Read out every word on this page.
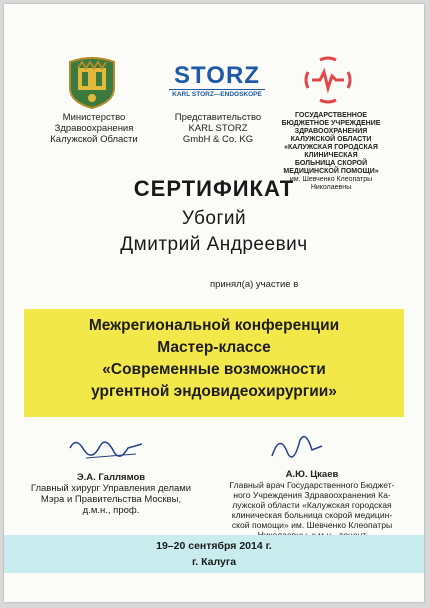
Министерство
Здравоохранения
Калужской Области
STORZ
KARL STORZ—ENDOSKOPE
Представительство
KARL STORZ
GmbH & Co. KG
ГОСУДАРСТВЕННОЕ
БЮДЖЕТНОЕ УЧРЕЖДЕНИЕ ЗДРАВООХРАНЕНИЯ
КАЛУЖСКОЙ ОБЛАСТИ
«КАЛУЖСКАЯ ГОРОДСКАЯ КЛИНИЧЕСКАЯ
БОЛЬНИЦА СКОРОЙ
МЕДИЦИНСКОЙ ПОМОЩИ»
им. Шевченко Клеопатры
Николаевны
СЕРТИФИКАТ
Убогий
Дмитрий Андреевич
принял(а) участие в
Межрегиональной конференции
Мастер-классе
«Современные возможности
ургентной эндовидеохирургии»
Э.А. Галлямов
Главный хирург Управления делами
Мэра и Правительства Москвы,
д.м.н., проф.
А.Ю. Цкаев
Главный врач Государственного Бюджет-
ного Учреждения Здравоохранения Ка-
лужской области «Калужская городская
клиническая больница скорой медицин-
ской помощи» им. Шевченко Клеопатры
19–20 сентября 2014 г.
г. Калуга
